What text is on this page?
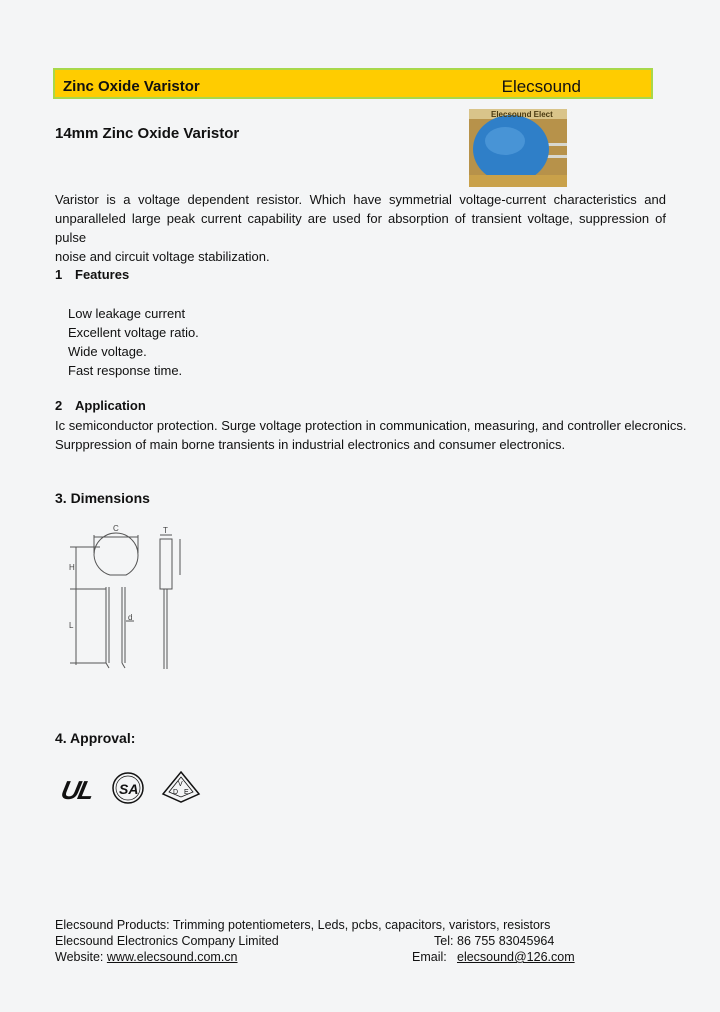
Zinc Oxide Varistor	Elecsound
14mm Zinc Oxide Varistor
Elecsound Elect
Varistor is a voltage dependent resistor. Which have symmetrial voltage-current characteristics and
unparalleled large peak current capability are used for absorption of transient voltage, suppression of pulse
noise and circuit voltage stabilization.
1 Features
Low leakage current
Excellent voltage ratio.
Wide voltage.
Fast response time.
2 Application
Ic semiconductor protection. Surge voltage protection in communication, measuring, and controller elecronics.
Surppression of main borne transients in industrial electronics and consumer electronics.
3. Dimensions
C	T
H
L
d
4. Approval:
UL SA	D
V
E
Elecsound Products: Trimming potentiometers, Leds, pcbs, capacitors, varistors, resistors
Elecsound Electronics Company Limited	Tel: 86 755 83045964
Website: www.elecsound.com.cn	Email: elecsound@126.com
